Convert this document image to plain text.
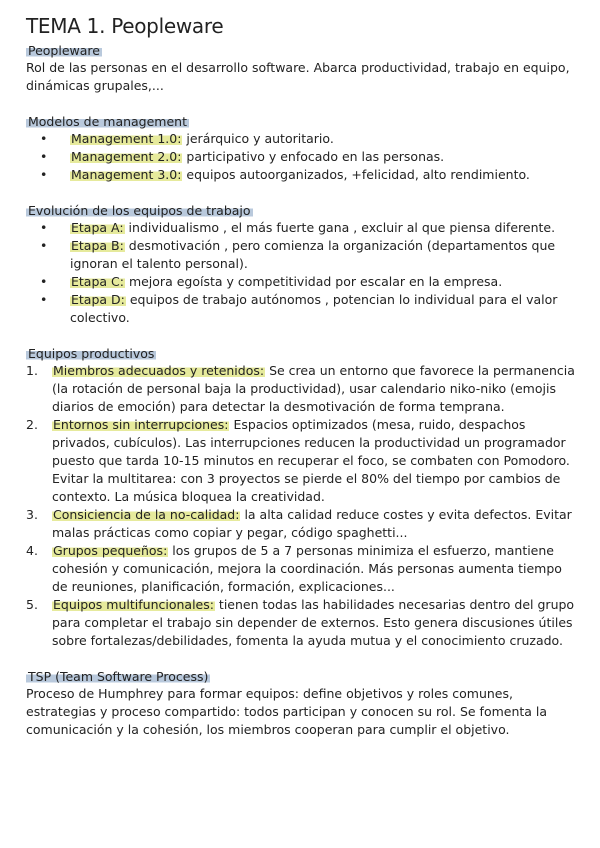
TEMA 1. Peopleware
Peopleware

Rol de las personas en el desarrollo software. Abarca productividad, trabajo en equipo, dinámicas grupales,...

Modelos de management
• Management 1.0: jerárquico y autoritario.
• Management 2.0: participativo y enfocado en las personas.
• Management 3.0: equipos autoorganizados, +felicidad, alto rendimiento.
Evolución de los equipos de trabajo
• Etapa A: individualismo , el más fuerte gana , excluir al que piensa diferente.
• Etapa B: desmotivación , pero comienza la organización (departamentos que ignoran el talento personal).
• Etapa C: mejora egoísta y competitividad por escalar en la empresa.
• Etapa D: equipos de trabajo autónomos , potencian lo individual para el valor colectivo.
Equipos productivos
1. Miembros adecuados y retenidos: Se crea un entorno que favorece la permanencia (la rotación de personal baja la productividad), usar calendario niko-niko (emojis diarios de emoción) para detectar la desmotivación de forma temprana.
2. Entornos sin interrupciones: Espacios optimizados (mesa, ruido, despachos privados, cubículos). Las interrupciones reducen la productividad un programador puesto que tarda 10-15 minutos en recuperar el foco, se combaten con Pomodoro. Evitar la multitarea: con 3 proyectos se pierde el 80% del tiempo por cambios de contexto. La música bloquea la creatividad.
3. Consiciencia de la no-calidad: la alta calidad reduce costes y evita defectos. Evitar malas prácticas como copiar y pegar, código spaghetti...
4. Grupos pequeños: los grupos de 5 a 7 personas minimiza el esfuerzo, mantiene cohesión y comunicación, mejora la coordinación. Más personas aumenta tiempo de reuniones, planificación, formación, explicaciones...
5. Equipos multifuncionales: tienen todas las habilidades necesarias dentro del grupo para completar el trabajo sin depender de externos. Esto genera discusiones útiles sobre fortalezas/debilidades, fomenta la ayuda mutua y el conocimiento cruzado.
TSP (Team Software Process)

Proceso de Humphrey para formar equipos: define objetivos y roles comunes, estrategias y proceso compartido: todos participan y conocen su rol. Se fomenta la comunicación y la cohesión, los miembros cooperan para cumplir el objetivo.
